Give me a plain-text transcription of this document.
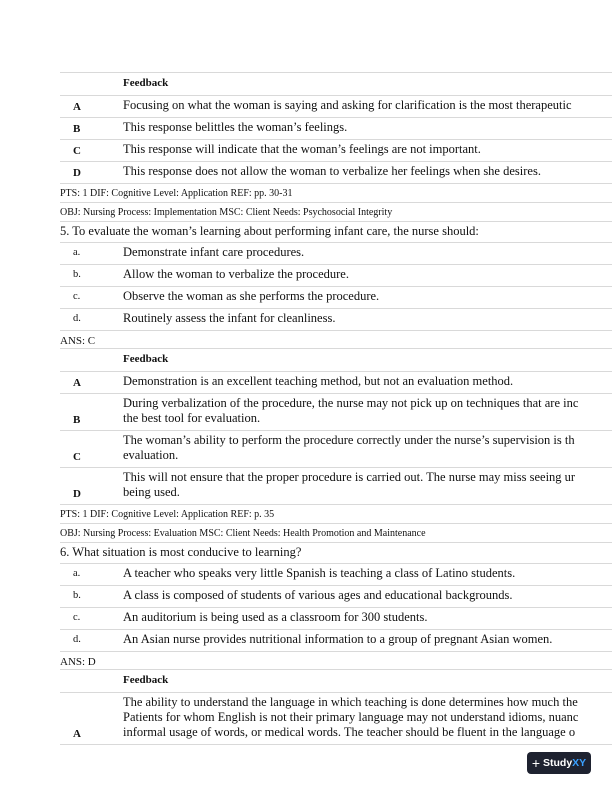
Feedback
A	Focusing on what the woman is saying and asking for clarification is the most therapeutic
B	This response belittles the woman’s feelings.
C	This response will indicate that the woman’s feelings are not important.
D	This response does not allow the woman to verbalize her feelings when she desires.
PTS: 1 DIF: Cognitive Level: Application REF: pp. 30-31
OBJ: Nursing Process: Implementation MSC: Client Needs: Psychosocial Integrity
5. To evaluate the woman’s learning about performing infant care, the nurse should:
a.	Demonstrate infant care procedures.
b.	Allow the woman to verbalize the procedure.
c.	Observe the woman as she performs the procedure.
d.	Routinely assess the infant for cleanliness.
ANS: C
Feedback
A	Demonstration is an excellent teaching method, but not an evaluation method.
B
During verbalization of the procedure, the nurse may not pick up on techniques that are inc
the best tool for evaluation.
C
The woman’s ability to perform the procedure correctly under the nurse’s supervision is th
evaluation.
D
This will not ensure that the proper procedure is carried out. The nurse may miss seeing ur
being used.
PTS: 1 DIF: Cognitive Level: Application REF: p. 35
OBJ: Nursing Process: Evaluation MSC: Client Needs: Health Promotion and Maintenance
6. What situation is most conducive to learning?
a.	A teacher who speaks very little Spanish is teaching a class of Latino students.
b.	A class is composed of students of various ages and educational backgrounds.
c.	An auditorium is being used as a classroom for 300 students.
d.	An Asian nurse provides nutritional information to a group of pregnant Asian women.
ANS: D
Feedback
A
The ability to understand the language in which teaching is done determines how much the
Patients for whom English is not their primary language may not understand idioms, nuanc
informal usage of words, or medical words. The teacher should be fluent in the language o
+ Study XY
